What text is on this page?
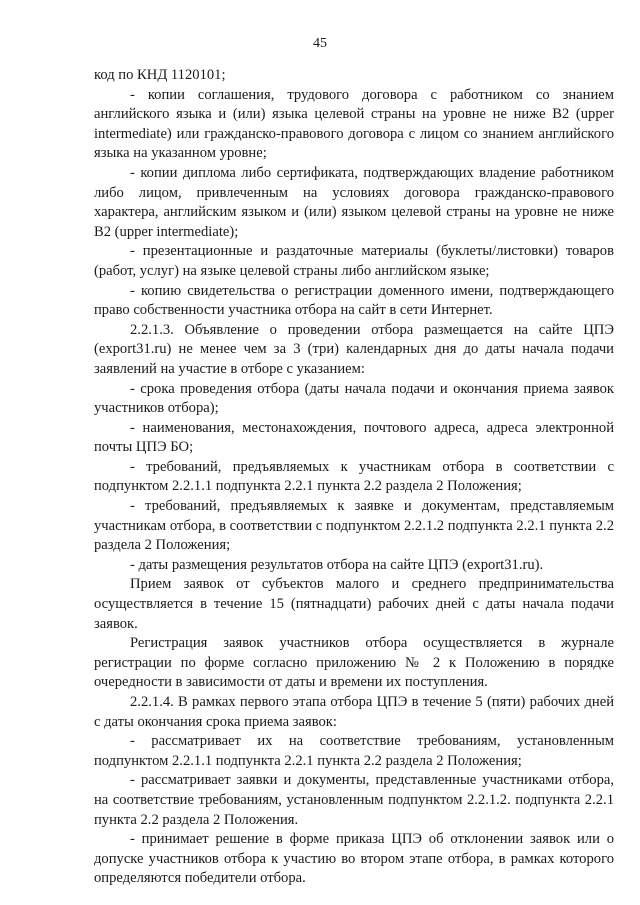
45

код по КНД 1120101;

- копии соглашения, трудового договора с работником со знанием английского языка и (или) языка целевой страны на уровне не ниже B2 (upper intermediate) или гражданско-правового договора с лицом со знанием английского языка на указанном уровне;

- копии диплома либо сертификата, подтверждающих владение работником либо лицом, привлеченным на условиях договора гражданско-правового характера, английским языком и (или) языком целевой страны на уровне не ниже B2 (upper intermediate);

- презентационные и раздаточные материалы (буклеты/листовки) товаров (работ, услуг) на языке целевой страны либо английском языке;

- копию свидетельства о регистрации доменного имени, подтверждающего право собственности участника отбора на сайт в сети Интернет.

2.2.1.3. Объявление о проведении отбора размещается на сайте ЦПЭ (export31.ru) не менее чем за 3 (три) календарных дня до даты начала подачи заявлений на участие в отборе с указанием:

- срока проведения отбора (даты начала подачи и окончания приема заявок участников отбора);

- наименования, местонахождения, почтового адреса, адреса электронной почты ЦПЭ БО;

- требований, предъявляемых к участникам отбора в соответствии с подпунктом 2.2.1.1 подпункта 2.2.1 пункта 2.2 раздела 2 Положения;

- требований, предъявляемых к заявке и документам, представляемым участникам отбора, в соответствии с подпунктом 2.2.1.2 подпункта 2.2.1 пункта 2.2 раздела 2 Положения;

- даты размещения результатов отбора на сайте ЦПЭ (export31.ru).

Прием заявок от субъектов малого и среднего предпринимательства осуществляется в течение 15 (пятнадцати) рабочих дней с даты начала подачи заявок.

Регистрация заявок участников отбора осуществляется в журнале регистрации по форме согласно приложению № 2 к Положению в порядке очередности в зависимости от даты и времени их поступления.

2.2.1.4. В рамках первого этапа отбора ЦПЭ в течение 5 (пяти) рабочих дней с даты окончания срока приема заявок:

- рассматривает их на соответствие требованиям, установленным подпунктом 2.2.1.1 подпункта 2.2.1 пункта 2.2 раздела 2 Положения;

- рассматривает заявки и документы, представленные участниками отбора, на соответствие требованиям, установленным подпунктом 2.2.1.2. подпункта 2.2.1 пункта 2.2 раздела 2 Положения.

- принимает решение в форме приказа ЦПЭ об отклонении заявок или о допуске участников отбора к участию во втором этапе отбора, в рамках которого определяются победители отбора.
